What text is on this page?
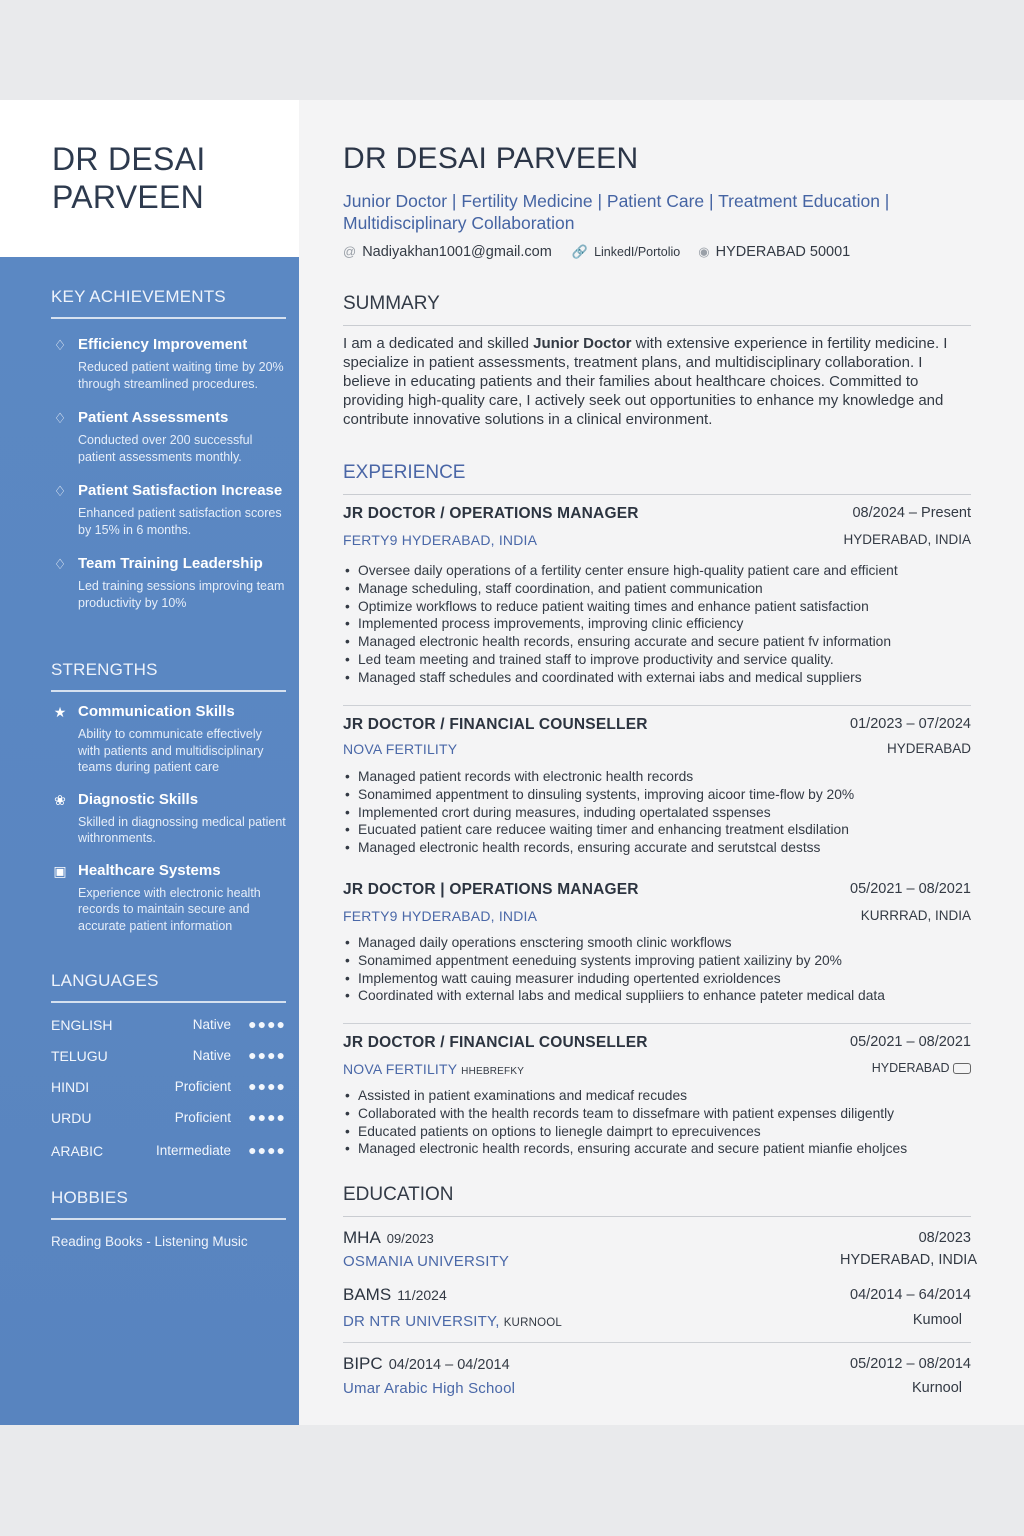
DR DESAI
PARVEEN
KEY ACHIEVEMENTS
♢ Efficiency Improvement
Reduced patient waiting time by 20% through streamlined procedures.
♢ Patient Assessments
Conducted over 200 successful patient assessments monthly.
♢ Patient Satisfaction Increase
Enhanced patient satisfaction scores by 15% in 6 months.
♢ Team Training Leadership
Led training sessions improving team productivity by 10%
STRENGTHS
★ Communication Skills
Ability to communicate effectively with patients and multidisciplinary teams during patient care
❀ Diagnostic Skills
Skilled in diagnossing medical patient withronments.
▣ Healthcare Systems
Experience with electronic health records to maintain secure and accurate patient information
LANGUAGES
ENGLISH	Native ●●●●
TELUGU	Native ●●●●
HINDI	Proficient ●●●●
URDU	Proficient ●●●●
ARABIC	Intermediate ●●●●
HOBBIES
Reading Books - Listening Music
DR DESAI PARVEEN
Junior Doctor | Fertility Medicine | Patient Care | Treatment Education | Multidisciplinary Collaboration
@ Nadiyakhan1001@gmail.com 🔗 LinkedI/Portolio ◉ HYDERABAD 50001
SUMMARY
I am a dedicated and skilled Junior Doctor with extensive experience in fertility medicine. I specialize in patient assessments, treatment plans, and multidisciplinary collaboration. I believe in educating patients and their families about healthcare choices. Committed to providing high-quality care, I actively seek out opportunities to enhance my knowledge and contribute innovative solutions in a clinical environment.
EXPERIENCE
JR DOCTOR / OPERATIONS MANAGER	08/2024 – Present
FERTY9 HYDERABAD, INDIA	HYDERABAD, INDIA
• Oversee daily operations of a fertility center ensure high-quality patient care and efficient
• Manage scheduling, staff coordination, and patient communication
• Optimize workflows to reduce patient waiting times and enhance patient satisfaction
• Implemented process improvements, improving clinic efficiency
• Managed electronic health records, ensuring accurate and secure patient fv information
• Led team meeting and trained staff to improve productivity and service quality.
• Managed staff schedules and coordinated with externai iabs and medical suppliers
JR DOCTOR / FINANCIAL COUNSELLER	01/2023 – 07/2024
NOVA FERTILITY	HYDERABAD
• Managed patient records with electronic health records
• Sonamimed appentment to dinsuling systents, improving aicoor time-flow by 20%
• Implemented crort during measures, induding opertalated sspenses
• Eucuated patient care reducee waiting timer and enhancing treatment elsdilation
• Managed electronic health records, ensuring accurate and serutstcal destss
JR DOCTOR | OPERATIONS MANAGER	05/2021 – 08/2021
FERTY9 HYDERABAD, INDIA	KURRRAD, INDIA
• Managed daily operations ensctering smooth clinic workflows
• Sonamimed appentment eeneduing systents improving patient xailiziny by 20%
• Implementog watt cauing measurer induding opertented exrioldences
• Coordinated with external labs and medical suppliiers to enhance pateter medical data
JR DOCTOR / FINANCIAL COUNSELLER	05/2021 – 08/2021
NOVA FERTILITY HHEBREFKY	HYDERABAD
• Assisted in patient examinations and medicaf recudes
• Collaborated with the health records team to dissefmare with patient expenses diligently
• Educated patients on options to lienegle daimprt to eprecuivences
• Managed electronic health records, ensuring accurate and secure patient mianfie eholjces
EDUCATION
MHA 09/2023	08/2023
OSMANIA UNIVERSITY	HYDERABAD, INDIA
BAMS 11/2024	04/2014 – 64/2014
DR NTR UNIVERSITY, KURNOOL	Kumool
BIPC 04/2014 – 04/2014	05/2012 – 08/2014
Umar Arabic High School	Kurnool
